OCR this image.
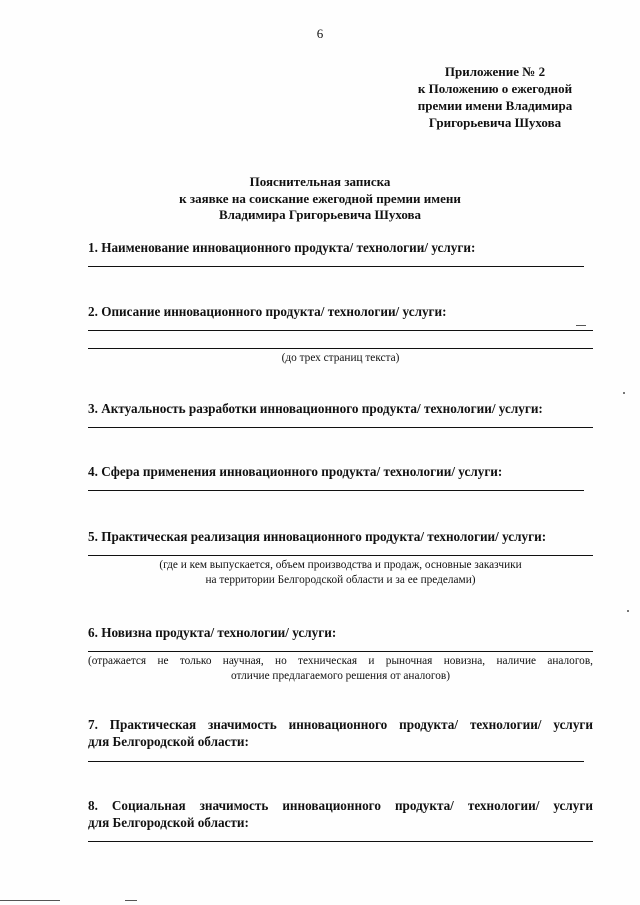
6
Приложение № 2
к Положению о ежегодной
премии имени Владимира
Григорьевича Шухова
Пояснительная записка
к заявке на соискание ежегодной премии имени
Владимира Григорьевича Шухова
1. Наименование инновационного продукта/ технологии/ услуги:
2. Описание инновационного продукта/ технологии/ услуги:
(до трех страниц текста)
3. Актуальность разработки инновационного продукта/ технологии/ услуги:
4. Сфера применения инновационного продукта/ технологии/ услуги:
5. Практическая реализация инновационного продукта/ технологии/ услуги:
(где и кем выпускается, объем производства и продаж, основные заказчики
на территории Белгородской области и за ее пределами)
6. Новизна продукта/ технологии/ услуги:
(отражается не только научная, но техническая и рыночная новизна, наличие аналогов,
отличие предлагаемого решения от аналогов)
7. Практическая значимость инновационного продукта/ технологии/ услуги
для Белгородской области:
8. Социальная значимость инновационного продукта/ технологии/ услуги
для Белгородской области:
